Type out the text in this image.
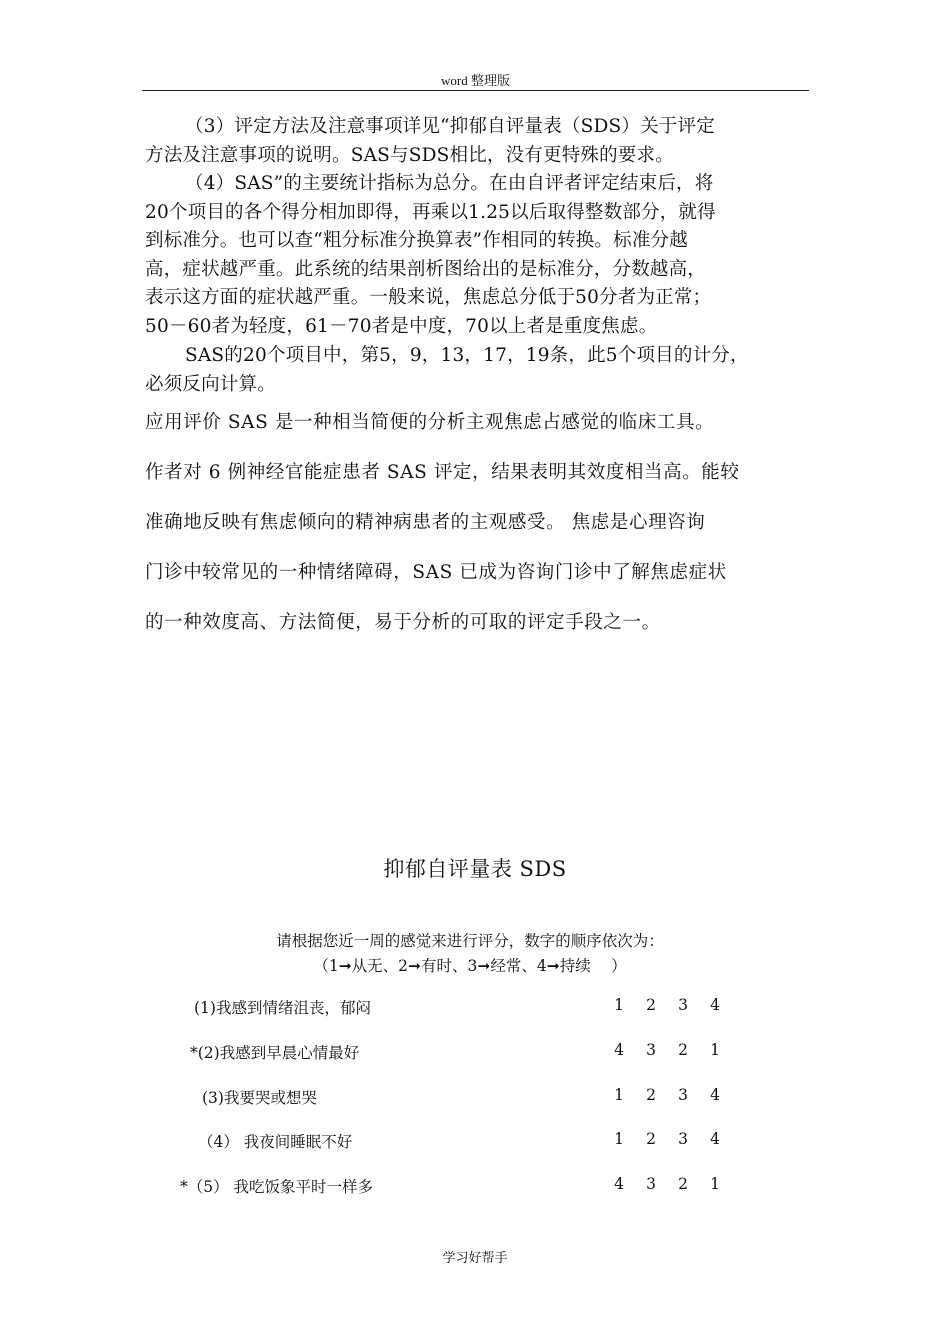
word 整理版
（3）评定方法及注意事项详见“抑郁自评量表（SDS）关于评定
方法及注意事项的说明。SAS与SDS相比，没有更特殊的要求。
（4）SAS”的主要统计指标为总分。在由自评者评定结束后，将
20个项目的各个得分相加即得，再乘以1.25以后取得整数部分，就得
到标准分。也可以查“粗分标准分换算表”作相同的转换。标准分越
高，症状越严重。此系统的结果剖析图给出的是标准分，分数越高，
表示这方面的症状越严重。一般来说，焦虑总分低于50分者为正常；
50－60者为轻度，61－70者是中度，70以上者是重度焦虑。
SAS的20个项目中，第5，9，13，17，19条，此5个项目的计分，
必须反向计算。
应用评价 SAS 是一种相当简便的分析主观焦虑占感觉的临床工具。
作者对 6 例神经官能症患者 SAS 评定，结果表明其效度相当高。能较
准确地反映有焦虑倾向的精神病患者的主观感受。 焦虑是心理咨询
门诊中较常见的一种情绪障碍，SAS 已成为咨询门诊中了解焦虑症状
的一种效度高、方法简便，易于分析的可取的评定手段之一。
抑郁自评量表 SDS
请根据您近一周的感觉来进行评分，数字的顺序依次为：
（1➞从无、2➞有时、3➞经常、4➞持续　 ）
(1)我感到情绪沮丧，郁闷	1 2 3 4
*(2)我感到早晨心情最好	4 3 2 1
(3)我要哭或想哭	1 2 3 4
（4） 我夜间睡眠不好	1 2 3 4
*（5） 我吃饭象平时一样多	4 3 2 1
学习好帮手
